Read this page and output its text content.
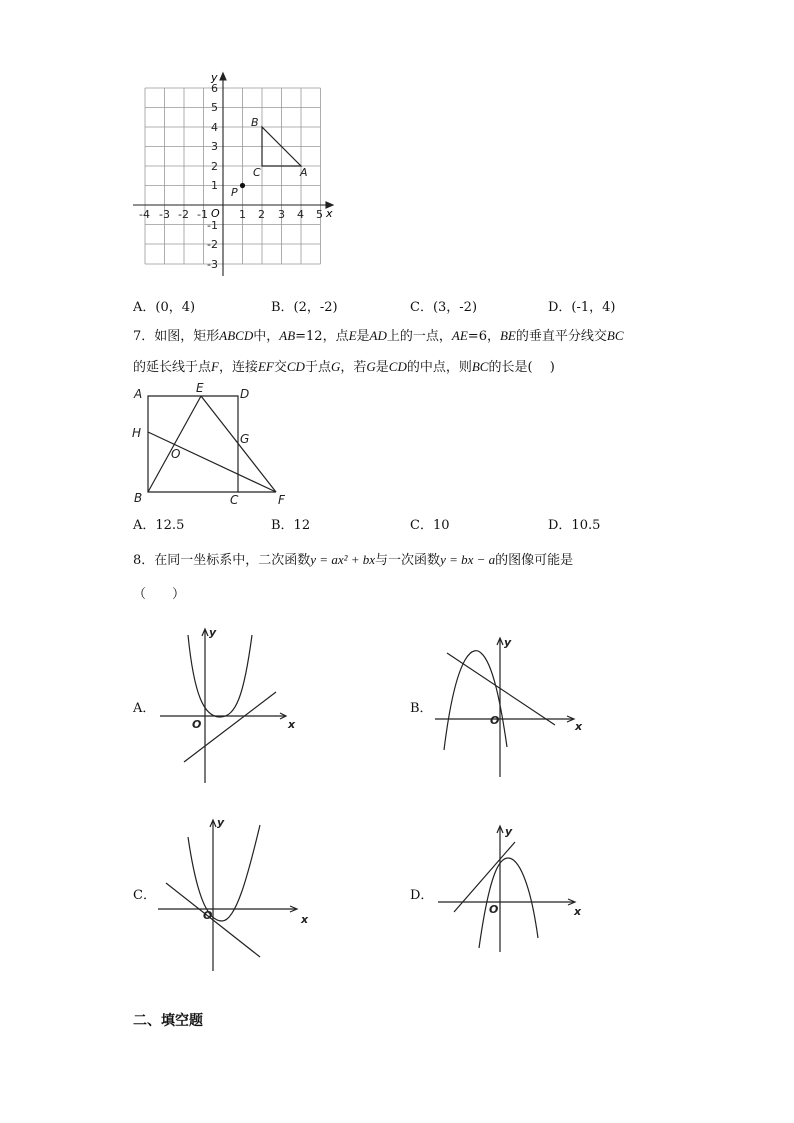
y
x
O
-4 -3 -2 -1	1 2 3 4 5
6
5
4
3
2
1
-1
-2
-3
B
C	A
P
A．(0，4)	B．(2，-2)	C．(3，-2)	D．(-1，4)
7．如图，矩形ABCD中，AB=12，点E是AD上的一点，AE=6，BE的垂直平分线交BC
的延长线于点F，连接EF交CD于点G，若G是CD的中点，则BC的长是(　 )
A	E	D
H	G
O
B	C	F
A．12.5	B．12	C．10	D．10.5
8．在同一坐标系中，二次函数y = ax² + bx与一次函数y = bx − a的图像可能是
（　　）
A．
y
x
O
B．
y
x
O
C．
y
x
O
D．
y
x
O
二、填空题
